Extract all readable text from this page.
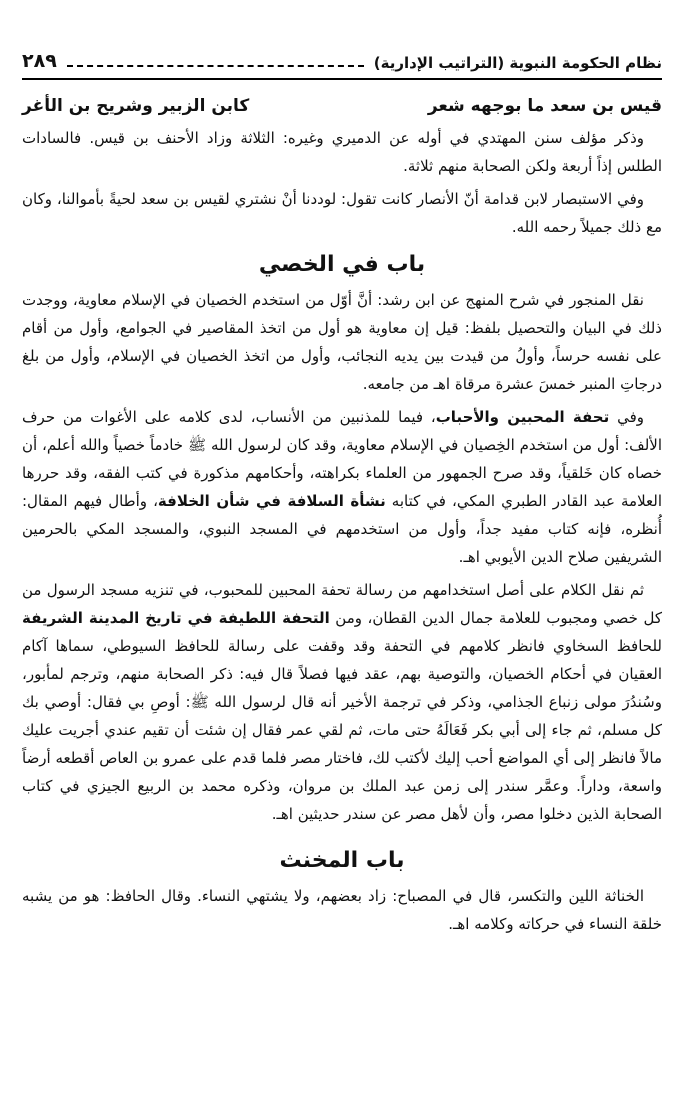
نظام الحكومة النبوية (التراتيب الإدارية)
٢٨٩
قيس بن سعد ما بوجهه شعر
كابن الزبير وشريح بن الأغر

وذكر مؤلف سنن المهتدي في أوله عن الدميري وغيره: الثلاثة وزاد الأحنف بن قيس. فالسادات الطلس إذاً أربعة ولكن الصحابة منهم ثلاثة.

وفي الاستبصار لابن قدامة أنّ الأنصار كانت تقول: لوددنا أنْ نشتري لقيس بن سعد لحيةً بأموالنا، وكان مع ذلك جميلاً رحمه الله.

باب في الخصي

نقل المنجور في شرح المنهج عن ابن رشد: أنَّ أوّل من استخدم الخصيان في الإسلام معاوية، ووجدت ذلك في البيان والتحصيل بلفظ: قيل إن معاوية هو أول من اتخذ المقاصير في الجوامع، وأول من أقام على نفسه حرساً، وأولُ من قيدت بين يديه النجائب، وأول من اتخذ الخصيان في الإسلام، وأول من بلغ درجاتِ المنبر خمسَ عشرة مرقاة اهـ من جامعه.

وفي تحفة المحبين والأحباب، فيما للمذنبين من الأنساب، لدى كلامه على الأغوات من حرف الألف: أول من استخدم الخِصيان في الإسلام معاوية، وقد كان لرسول الله ﷺ خادماً خصياً والله أعلم، أن خصاه كان خَلقياً، وقد صرح الجمهور من العلماء بكراهته، وأحكامهم مذكورة في كتب الفقه، وقد حررها العلامة عبد القادر الطبري المكي، في كتابه نشأة السلافة في شأن الخلافة، وأطال فيهم المقال: أُنظره، فإنه كتاب مفيد جداً، وأول من استخدمهم في المسجد النبوي، والمسجد المكي بالحرمين الشريفين صلاح الدين الأيوبي اهـ.

ثم نقل الكلام على أصل استخدامهم من رسالة تحفة المحبين للمحبوب، في تنزيه مسجد الرسول من كل خصي ومجبوب للعلامة جمال الدين القطان، ومن التحفة اللطيفة في تاريخ المدينة الشريفة للحافظ السخاوي فانظر كلامهم في التحفة وقد وقفت على رسالة للحافظ السيوطي، سماها آكام العقيان في أحكام الخصيان، والتوصية بهم، عقد فيها فصلاً قال فيه: ذكر الصحابة منهم، وترجم لمأبور، وسُندُرَ مولى زنباع الجذامي، وذكر في ترجمة الأخير أنه قال لرسول الله ﷺ: أوصِ بي فقال: أوصي بك كل مسلم، ثم جاء إلى أبي بكر فَعَالَهُ حتى مات، ثم لقي عمر فقال إن شئت أن تقيم عندي أجريت عليك مالاً فانظر إلى أي المواضع أحب إليك لأكتب لك، فاختار مصر فلما قدم على عمرو بن العاص أقطعه أرضاً واسعة، وداراً. وعمَّر سندر إلى زمن عبد الملك بن مروان، وذكره محمد بن الربيع الجيزي في كتاب الصحابة الذين دخلوا مصر، وأن لأهل مصر عن سندر حديثين اهـ.

باب المخنث

الخناثة اللين والتكسر، قال في المصباح: زاد بعضهم، ولا يشتهي النساء. وقال الحافظ: هو من يشبه خلقة النساء في حركاته وكلامه اهـ.
